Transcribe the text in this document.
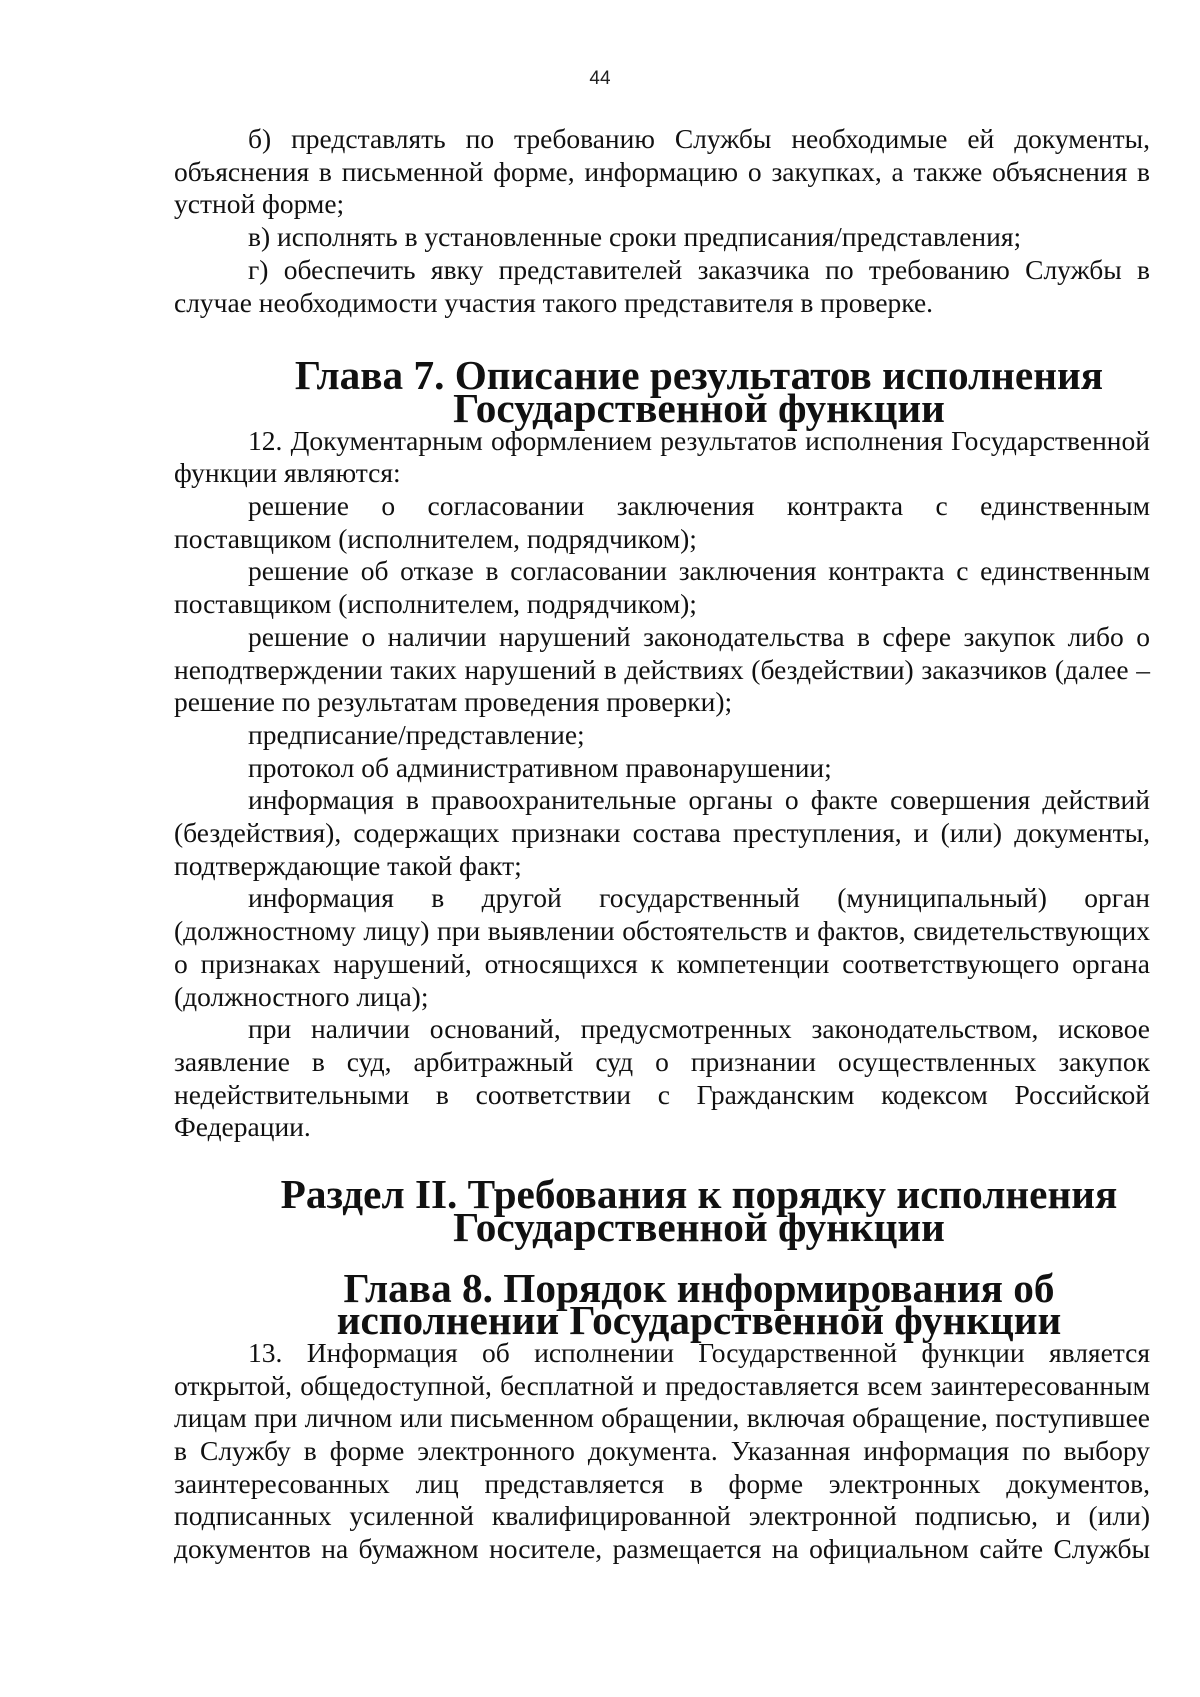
44

б) представлять по требованию Службы необходимые ей документы, объяснения в письменной форме, информацию о закупках, а также объяснения в устной форме;

в) исполнять в установленные сроки предписания/представления;

г) обеспечить явку представителей заказчика по требованию Службы в случае необходимости участия такого представителя в проверке.

Глава 7. Описание результатов исполнения Государственной функции

12. Документарным оформлением результатов исполнения Государственной функции являются:

решение о согласовании заключения контракта с единственным поставщиком (исполнителем, подрядчиком);

решение об отказе в согласовании заключения контракта с единственным поставщиком (исполнителем, подрядчиком);

решение о наличии нарушений законодательства в сфере закупок либо о неподтверждении таких нарушений в действиях (бездействии) заказчиков (далее – решение по результатам проведения проверки);

предписание/представление;

протокол об административном правонарушении;

информация в правоохранительные органы о факте совершения действий (бездействия), содержащих признаки состава преступления, и (или) документы, подтверждающие такой факт;

информация в другой государственный (муниципальный) орган (должностному лицу) при выявлении обстоятельств и фактов, свидетельствующих о признаках нарушений, относящихся к компетенции соответствующего органа (должностного лица);

при наличии оснований, предусмотренных законодательством, исковое заявление в суд, арбитражный суд о признании осуществленных закупок недействительными в соответствии с Гражданским кодексом Российской Федерации.

Раздел II. Требования к порядку исполнения Государственной функции
Глава 8. Порядок информирования об исполнении Государственной функции

13. Информация об исполнении Государственной функции является открытой, общедоступной, бесплатной и предоставляется всем заинтересованным лицам при личном или письменном обращении, включая обращение, поступившее в Службу в форме электронного документа. Указанная информация по выбору заинтересованных лиц представляется в форме электронных документов, подписанных усиленной квалифицированной электронной подписью, и (или) документов на бумажном носителе, размещается на официальном сайте Службы
